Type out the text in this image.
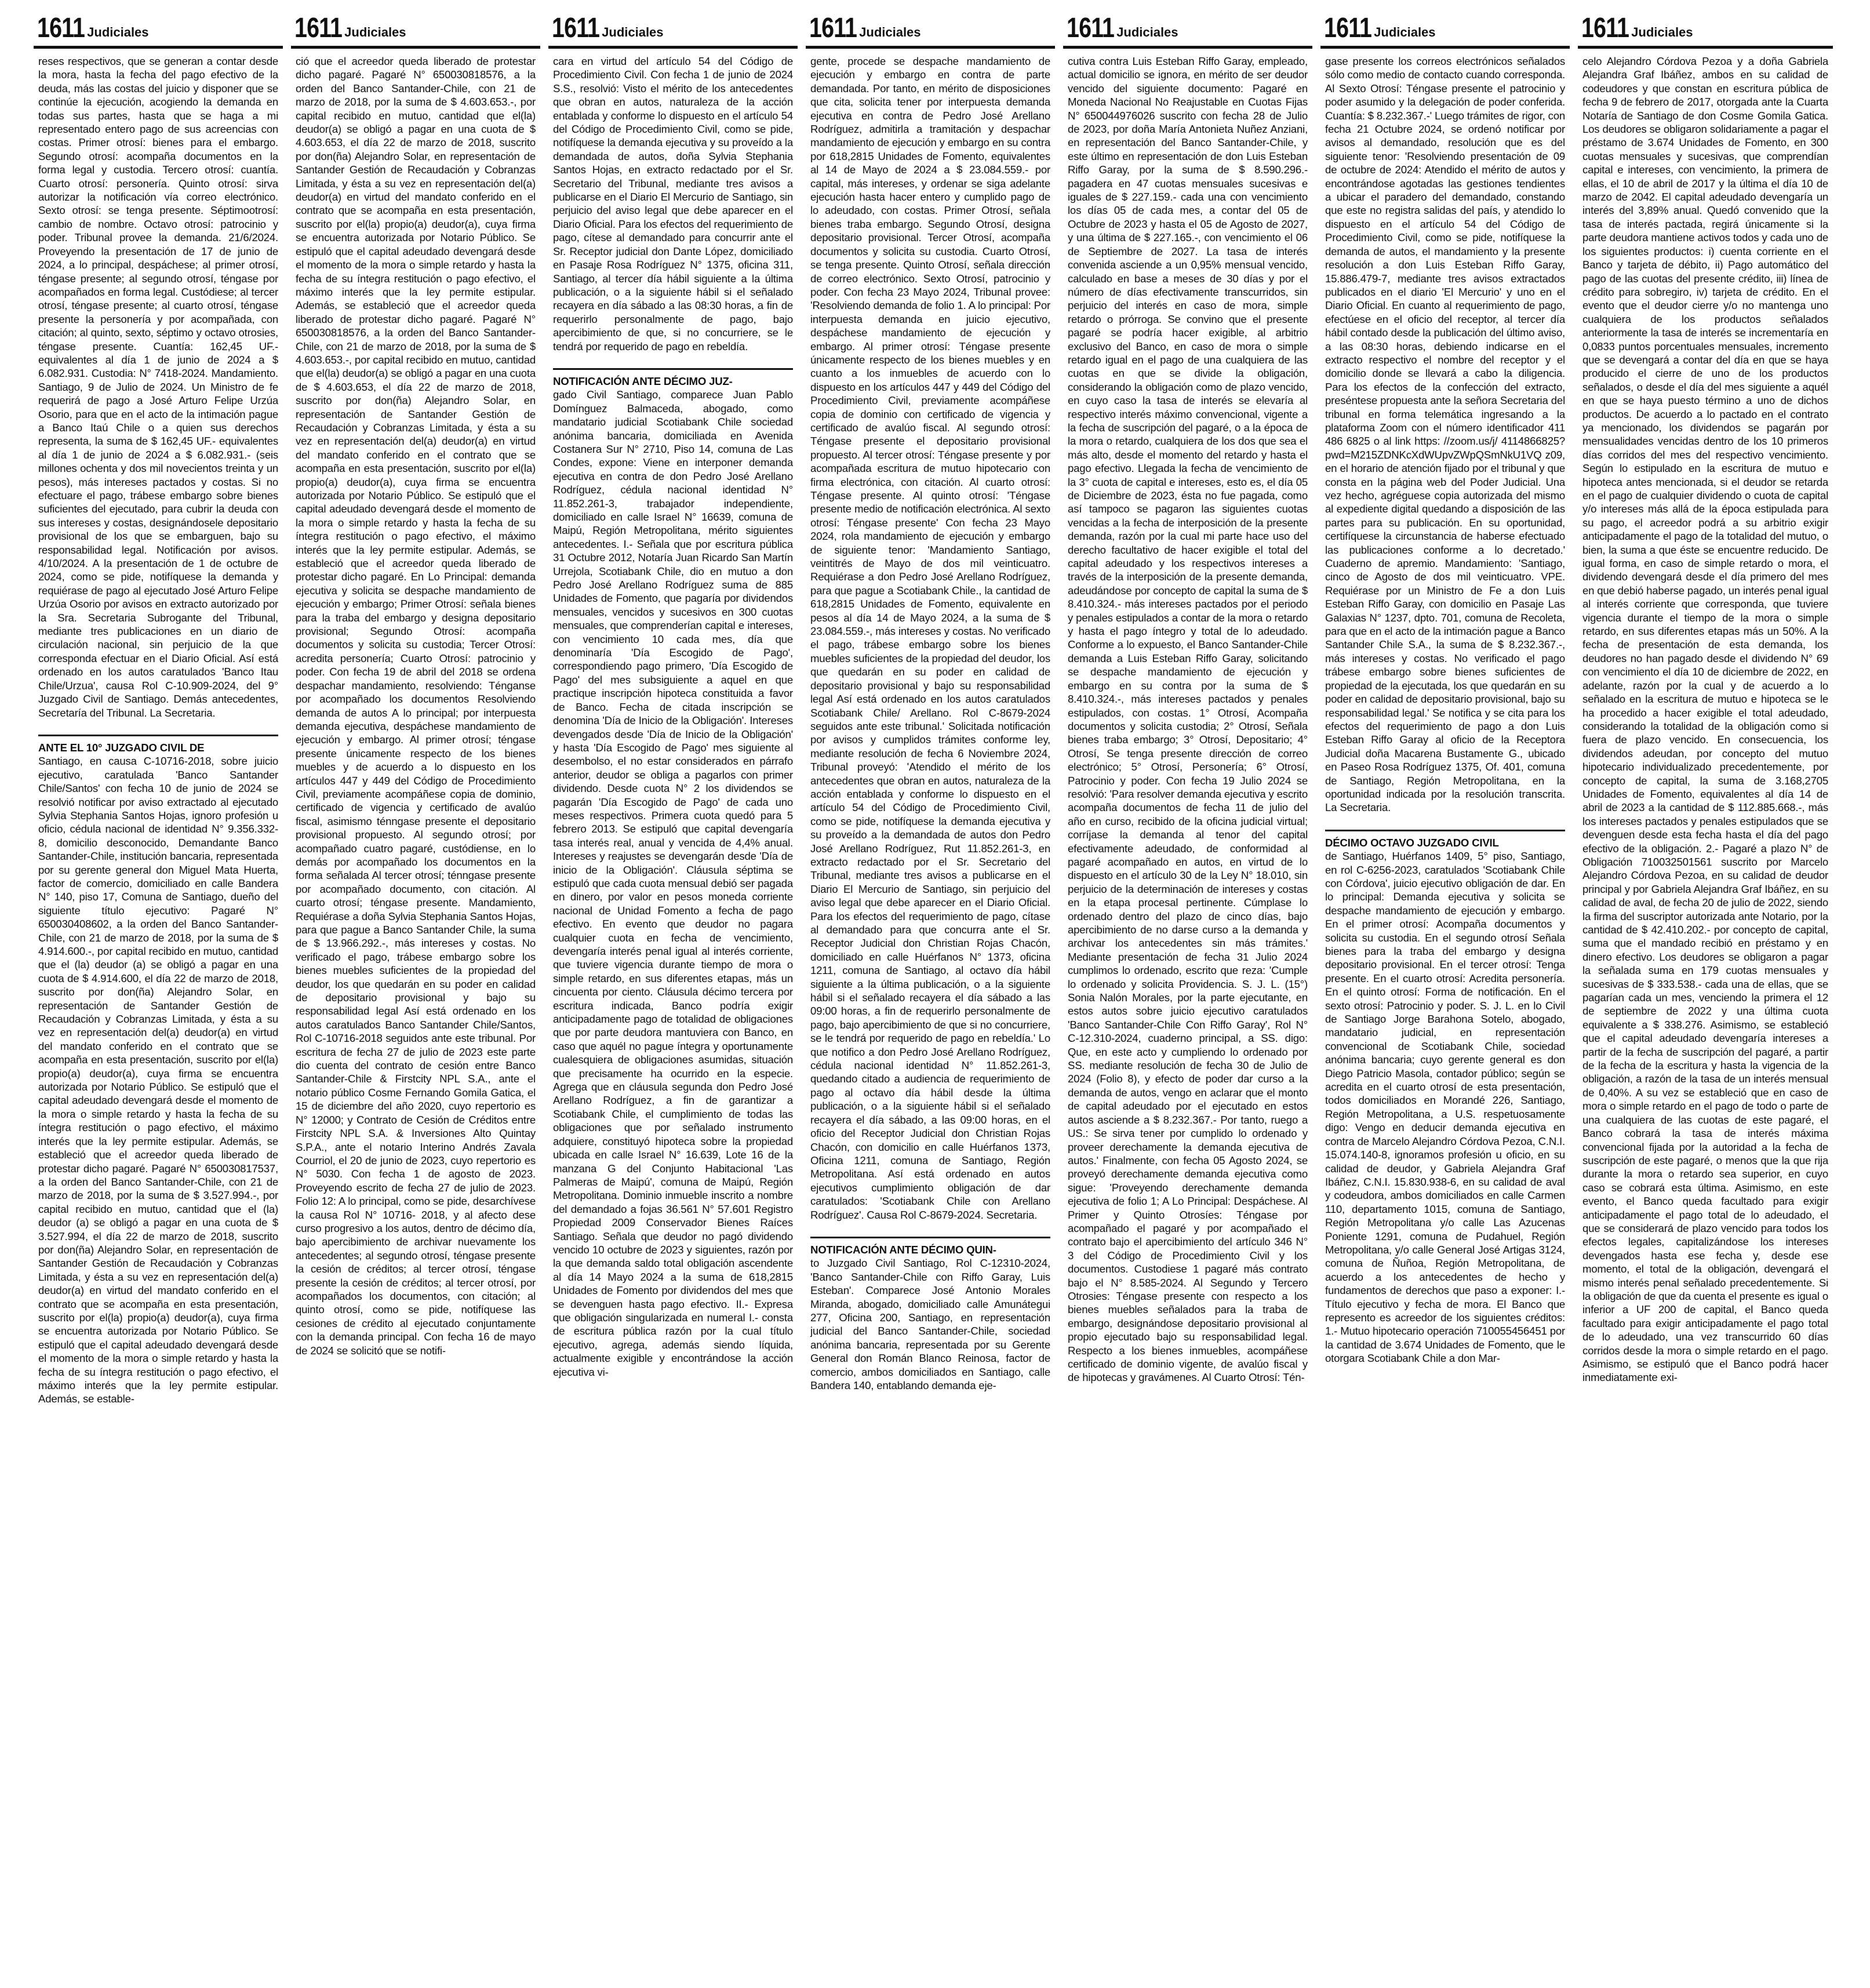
1611 Judiciales

reses respectivos, que se generan a contar desde la mora, hasta la fecha del pago efectivo de la deuda, más las costas del juicio y disponer que se continúe la ejecución, acogiendo la demanda en todas sus partes, hasta que se haga a mi representado entero pago de sus acreencias con costas. Primer otrosí: bienes para el embargo. Segundo otrosí: acompaña documentos en la forma legal y custodia. Tercero otrosí: cuantía. Cuarto otrosí: personería. Quinto otrosí: sirva autorizar la notificación vía correo electrónico. Sexto otrosí: se tenga presente. Séptimootrosí: cambio de nombre. Octavo otrosí: patrocinio y poder. Tribunal provee la demanda. 21/6/2024. Proveyendo la presentación de 17 de junio de 2024, a lo principal, despáchese; al primer otrosí, téngase presente; al segundo otrosí, téngase por acompañados en forma legal. Custódiese; al tercer otrosí, téngase presente; al cuarto otrosí, téngase presente la personería y por acompañada, con citación; al quinto, sexto, séptimo y octavo otrosies, téngase presente. Cuantía: 162,45 UF.- equivalentes al día 1 de junio de 2024 a $ 6.082.931. Custodia: N° 7418-2024. Mandamiento. Santiago, 9 de Julio de 2024. Un Ministro de fe requerirá de pago a José Arturo Felipe Urzúa Osorio, para que en el acto de la intimación pague a Banco Itaú Chile o a quien sus derechos representa, la suma de $ 162,45 UF.- equivalentes al día 1 de junio de 2024 a $ 6.082.931.- (seis millones ochenta y dos mil novecientos treinta y un pesos), más intereses pactados y costas. Si no efectuare el pago, trábese embargo sobre bienes suficientes del ejecutado, para cubrir la deuda con sus intereses y costas, designándosele depositario provisional de los que se embarguen, bajo su responsabilidad legal. Notificación por avisos. 4/10/2024. A la presentación de 1 de octubre de 2024, como se pide, notifíquese la demanda y requiérase de pago al ejecutado José Arturo Felipe Urzúa Osorio por avisos en extracto autorizado por la Sra. Secretaria Subrogante del Tribunal, mediante tres publicaciones en un diario de circulación nacional, sin perjuicio de la que corresponda efectuar en el Diario Oficial. Así está ordenado en los autos caratulados 'Banco Itau Chile/Urzua', causa Rol C-10.909-2024, del 9° Juzgado Civil de Santiago. Demás antecedentes, Secretaría del Tribunal. La Secretaria.

ANTE EL 10° JUZGADO CIVIL DE

Santiago, en causa C-10716-2018, sobre juicio ejecutivo, caratulada 'Banco Santander Chile/Santos' con fecha 10 de junio de 2024 se resolvió notificar por aviso extractado al ejecutado Sylvia Stephania Santos Hojas, ignoro profesión u oficio, cédula nacional de identidad N° 9.356.332-8, domicilio desconocido, Demandante Banco Santander-Chile, institución bancaria, representada por su gerente general don Miguel Mata Huerta, factor de comercio, domiciliado en calle Bandera N° 140, piso 17, Comuna de Santiago, dueño del siguiente título ejecutivo: Pagaré N° 650030408602, a la orden del Banco Santander-Chile, con 21 de marzo de 2018, por la suma de $ 4.914.600.-, por capital recibido en mutuo, cantidad que el (la) deudor (a) se obligó a pagar en una cuota de $ 4.914.600, el día 22 de marzo de 2018, suscrito por don(ña) Alejandro Solar, en representación de Santander Gestión de Recaudación y Cobranzas Limitada, y ésta a su vez en representación del(a) deudor(a) en virtud del mandato conferido en el contrato que se acompaña en esta presentación, suscrito por el(la) propio(a) deudor(a), cuya firma se encuentra autorizada por Notario Público. Se estipuló que el capital adeudado devengará desde el momento de la mora o simple retardo y hasta la fecha de su íntegra restitución o pago efectivo, el máximo interés que la ley permite estipular. Además, se estableció que el acreedor queda liberado de protestar dicho pagaré. Pagaré N° 650030817537, a la orden del Banco Santander-Chile, con 21 de marzo de 2018, por la suma de $ 3.527.994.-, por capital recibido en mutuo, cantidad que el (la) deudor (a) se obligó a pagar en una cuota de $ 3.527.994, el día 22 de marzo de 2018, suscrito por don(ña) Alejandro Solar, en representación de Santander Gestión de Recaudación y Cobranzas Limitada, y ésta a su vez en representación del(a) deudor(a) en virtud del mandato conferido en el contrato que se acompaña en esta presentación, suscrito por el(la) propio(a) deudor(a), cuya firma se encuentra autorizada por Notario Público. Se estipuló que el capital adeudado devengará desde el momento de la mora o simple retardo y hasta la fecha de su íntegra restitución o pago efectivo, el máximo interés que la ley permite estipular. Además, se estable-

1611 Judiciales

ció que el acreedor queda liberado de protestar dicho pagaré. Pagaré N° 650030818576, a la orden del Banco Santander-Chile, con 21 de marzo de 2018, por la suma de $ 4.603.653.-, por capital recibido en mutuo, cantidad que el(la) deudor(a) se obligó a pagar en una cuota de $ 4.603.653, el día 22 de marzo de 2018, suscrito por don(ña) Alejandro Solar, en representación de Santander Gestión de Recaudación y Cobranzas Limitada, y ésta a su vez en representación del(a) deudor(a) en virtud del mandato conferido en el contrato que se acompaña en esta presentación, suscrito por el(la) propio(a) deudor(a), cuya firma se encuentra autorizada por Notario Público. Se estipuló que el capital adeudado devengará desde el momento de la mora o simple retardo y hasta la fecha de su íntegra restitución o pago efectivo, el máximo interés que la ley permite estipular. Además, se estableció que el acreedor queda liberado de protestar dicho pagaré. Pagaré N° 650030818576, a la orden del Banco Santander-Chile, con 21 de marzo de 2018, por la suma de $ 4.603.653.-, por capital recibido en mutuo, cantidad que el(la) deudor(a) se obligó a pagar en una cuota de $ 4.603.653, el día 22 de marzo de 2018, suscrito por don(ña) Alejandro Solar, en representación de Santander Gestión de Recaudación y Cobranzas Limitada, y ésta a su vez en representación del(a) deudor(a) en virtud del mandato conferido en el contrato que se acompaña en esta presentación, suscrito por el(la) propio(a) deudor(a), cuya firma se encuentra autorizada por Notario Público. Se estipuló que el capital adeudado devengará desde el momento de la mora o simple retardo y hasta la fecha de su íntegra restitución o pago efectivo, el máximo interés que la ley permite estipular. Además, se estableció que el acreedor queda liberado de protestar dicho pagaré. En Lo Principal: demanda ejecutiva y solicita se despache mandamiento de ejecución y embargo; Primer Otrosí: señala bienes para la traba del embargo y designa depositario provisional; Segundo Otrosí: acompaña documentos y solicita su custodia; Tercer Otrosí: acredita personería; Cuarto Otrosí: patrocinio y poder. Con fecha 19 de abril del 2018 se ordena despachar mandamiento, resolviendo: Ténganse por acompañado los documentos Resolviendo demanda de autos A lo principal; por interpuesta demanda ejecutiva, despáchese mandamiento de ejecución y embargo. Al primer otrosí; téngase presente únicamente respecto de los bienes muebles y de acuerdo a lo dispuesto en los artículos 447 y 449 del Código de Procedimiento Civil, previamente acompáñese copia de dominio, certificado de vigencia y certificado de avalúo fiscal, asimismo ténngase presente el depositario provisional propuesto. Al segundo otrosí; por acompañado cuatro pagaré, custódiense, en lo demás por acompañado los documentos en la forma señalada Al tercer otrosí; ténngase presente por acompañado documento, con citación. Al cuarto otrosí; téngase presente. Mandamiento, Requiérase a doña Sylvia Stephania Santos Hojas, para que pague a Banco Santander Chile, la suma de $ 13.966.292.-, más intereses y costas. No verificado el pago, trábese embargo sobre los bienes muebles suficientes de la propiedad del deudor, los que quedarán en su poder en calidad de depositario provisional y bajo su responsabilidad legal Así está ordenado en los autos caratulados Banco Santander Chile/Santos, Rol C-10716-2018 seguidos ante este tribunal. Por escritura de fecha 27 de julio de 2023 este parte dio cuenta del contrato de cesión entre Banco Santander-Chile & Firstcity NPL S.A., ante el notario público Cosme Fernando Gomila Gatica, el 15 de diciembre del año 2020, cuyo repertorio es N° 12000; y Contrato de Cesión de Créditos entre Firstcity NPL S.A. & Inversiones Alto Quintay S.P.A., ante el notario Interino Andrés Zavala Courriol, el 20 de junio de 2023, cuyo repertorio es N° 5030. Con fecha 1 de agosto de 2023. Proveyendo escrito de fecha 27 de julio de 2023. Folio 12: A lo principal, como se pide, desarchívese la causa Rol N° 10716- 2018, y al afecto dese curso progresivo a los autos, dentro de décimo día, bajo apercibimiento de archivar nuevamente los antecedentes; al segundo otrosí, téngase presente la cesión de créditos; al tercer otrosí, téngase presente la cesión de créditos; al tercer otrosí, por acompañados los documentos, con citación; al quinto otrosí, como se pide, notifíquese las cesiones de crédito al ejecutado conjuntamente con la demanda principal. Con fecha 16 de mayo de 2024 se solicitó que se notifi-

1611 Judiciales

cara en virtud del artículo 54 del Código de Procedimiento Civil. Con fecha 1 de junio de 2024 S.S., resolvió: Visto el mérito de los antecedentes que obran en autos, naturaleza de la acción entablada y conforme lo dispuesto en el artículo 54 del Código de Procedimiento Civil, como se pide, notifíquese la demanda ejecutiva y su proveído a la demandada de autos, doña Sylvia Stephania Santos Hojas, en extracto redactado por el Sr. Secretario del Tribunal, mediante tres avisos a publicarse en el Diario El Mercurio de Santiago, sin perjuicio del aviso legal que debe aparecer en el Diario Oficial. Para los efectos del requerimiento de pago, cítese al demandado para concurrir ante el Sr. Receptor judicial don Dante López, domiciliado en Pasaje Rosa Rodríguez N° 1375, oficina 311, Santiago, al tercer día hábil siguiente a la última publicación, o a la siguiente hábil si el señalado recayera en día sábado a las 08:30 horas, a fin de requerirlo personalmente de pago, bajo apercibimiento de que, si no concurriere, se le tendrá por requerido de pago en rebeldía.

NOTIFICACIÓN ANTE DÉCIMO JUZ-

gado Civil Santiago, comparece Juan Pablo Domínguez Balmaceda, abogado, como mandatario judicial Scotiabank Chile sociedad anónima bancaria, domiciliada en Avenida Costanera Sur N° 2710, Piso 14, comuna de Las Condes, expone: Viene en interponer demanda ejecutiva en contra de don Pedro José Arellano Rodríguez, cédula nacional identidad N° 11.852.261-3, trabajador independiente, domiciliado en calle Israel N° 16639, comuna de Maipú, Región Metropolitana, mérito siguientes antecedentes. I.- Señala que por escritura pública 31 Octubre 2012, Notaría Juan Ricardo San Martín Urrejola, Scotiabank Chile, dio en mutuo a don Pedro José Arellano Rodríguez suma de 885 Unidades de Fomento, que pagaría por dividendos mensuales, vencidos y sucesivos en 300 cuotas mensuales, que comprenderían capital e intereses, con vencimiento 10 cada mes, día que denominaría 'Día Escogido de Pago', correspondiendo pago primero, 'Día Escogido de Pago' del mes subsiguiente a aquel en que practique inscripción hipoteca constituida a favor de Banco. Fecha de citada inscripción se denomina 'Día de Inicio de la Obligación'. Intereses devengados desde 'Día de Inicio de la Obligación' y hasta 'Día Escogido de Pago' mes siguiente al desembolso, el no estar considerados en párrafo anterior, deudor se obliga a pagarlos con primer dividendo. Desde cuota N° 2 los dividendos se pagarán 'Día Escogido de Pago' de cada uno meses respectivos. Primera cuota quedó para 5 febrero 2013. Se estipuló que capital devengaría tasa interés real, anual y vencida de 4,4% anual. Intereses y reajustes se devengarán desde 'Día de inicio de la Obligación'. Cláusula séptima se estipuló que cada cuota mensual debió ser pagada en dinero, por valor en pesos moneda corriente nacional de Unidad Fomento a fecha de pago efectivo. En evento que deudor no pagara cualquier cuota en fecha de vencimiento, devengaría interés penal igual al interés corriente, que tuviere vigencia durante tiempo de mora o simple retardo, en sus diferentes etapas, más un cincuenta por ciento. Cláusula décimo tercera por escritura indicada, Banco podría exigir anticipadamente pago de totalidad de obligaciones que por parte deudora mantuviera con Banco, en caso que aquél no pague íntegra y oportunamente cualesquiera de obligaciones asumidas, situación que precisamente ha ocurrido en la especie. Agrega que en cláusula segunda don Pedro José Arellano Rodríguez, a fin de garantizar a Scotiabank Chile, el cumplimiento de todas las obligaciones que por señalado instrumento adquiere, constituyó hipoteca sobre la propiedad ubicada en calle Israel N° 16.639, Lote 16 de la manzana G del Conjunto Habitacional 'Las Palmeras de Maipú', comuna de Maipú, Región Metropolitana. Dominio inmueble inscrito a nombre del demandado a fojas 36.561 N° 57.601 Registro Propiedad 2009 Conservador Bienes Raíces Santiago. Señala que deudor no pagó dividendo vencido 10 octubre de 2023 y siguientes, razón por la que demanda saldo total obligación ascendente al día 14 Mayo 2024 a la suma de 618,2815 Unidades de Fomento por dividendos del mes que se devenguen hasta pago efectivo. II.- Expresa que obligación singularizada en numeral I.- consta de escritura pública razón por la cual título ejecutivo, agrega, además siendo líquida, actualmente exigible y encontrándose la acción ejecutiva vi-

1611 Judiciales

gente, procede se despache mandamiento de ejecución y embargo en contra de parte demandada. Por tanto, en mérito de disposiciones que cita, solicita tener por interpuesta demanda ejecutiva en contra de Pedro José Arellano Rodríguez, admitirla a tramitación y despachar mandamiento de ejecución y embargo en su contra por 618,2815 Unidades de Fomento, equivalentes al 14 de Mayo de 2024 a $ 23.084.559.- por capital, más intereses, y ordenar se siga adelante ejecución hasta hacer entero y cumplido pago de lo adeudado, con costas. Primer Otrosí, señala bienes traba embargo. Segundo Otrosí, designa depositario provisional. Tercer Otrosí, acompaña documentos y solicita su custodia. Cuarto Otrosí, se tenga presente. Quinto Otrosí, señala dirección de correo electrónico. Sexto Otrosí, patrocinio y poder. Con fecha 23 Mayo 2024, Tribunal provee: 'Resolviendo demanda de folio 1. A lo principal: Por interpuesta demanda en juicio ejecutivo, despáchese mandamiento de ejecución y embargo. Al primer otrosí: Téngase presente únicamente respecto de los bienes muebles y en cuanto a los inmuebles de acuerdo con lo dispuesto en los artículos 447 y 449 del Código del Procedimiento Civil, previamente acompáñese copia de dominio con certificado de vigencia y certificado de avalúo fiscal. Al segundo otrosí: Téngase presente el depositario provisional propuesto. Al tercer otrosí: Téngase presente y por acompañada escritura de mutuo hipotecario con firma electrónica, con citación. Al cuarto otrosí: Téngase presente. Al quinto otrosí: 'Téngase presente medio de notificación electrónica. Al sexto otrosí: Téngase presente' Con fecha 23 Mayo 2024, rola mandamiento de ejecución y embargo de siguiente tenor: 'Mandamiento Santiago, veintitrés de Mayo de dos mil veinticuatro. Requiérase a don Pedro José Arellano Rodríguez, para que pague a Scotiabank Chile., la cantidad de 618,2815 Unidades de Fomento, equivalente en pesos al día 14 de Mayo 2024, a la suma de $ 23.084.559.-, más intereses y costas. No verificado el pago, trábese embargo sobre los bienes muebles suficientes de la propiedad del deudor, los que quedarán en su poder en calidad de depositario provisional y bajo su responsabilidad legal Así está ordenado en los autos caratulados Scotiabank Chile/ Arellano. Rol C-8679-2024 seguidos ante este tribunal.' Solicitada notificación por avisos y cumplidos trámites conforme ley, mediante resolución de fecha 6 Noviembre 2024, Tribunal proveyó: 'Atendido el mérito de los antecedentes que obran en autos, naturaleza de la acción entablada y conforme lo dispuesto en el artículo 54 del Código de Procedimiento Civil, como se pide, notifíquese la demanda ejecutiva y su proveído a la demandada de autos don Pedro José Arellano Rodríguez, Rut 11.852.261-3, en extracto redactado por el Sr. Secretario del Tribunal, mediante tres avisos a publicarse en el Diario El Mercurio de Santiago, sin perjuicio del aviso legal que debe aparecer en el Diario Oficial. Para los efectos del requerimiento de pago, cítase al demandado para que concurra ante el Sr. Receptor Judicial don Christian Rojas Chacón, domiciliado en calle Huérfanos N° 1373, oficina 1211, comuna de Santiago, al octavo día hábil siguiente a la última publicación, o a la siguiente hábil si el señalado recayera el día sábado a las 09:00 horas, a fin de requerirlo personalmente de pago, bajo apercibimiento de que si no concurriere, se le tendrá por requerido de pago en rebeldía.' Lo que notifico a don Pedro José Arellano Rodríguez, cédula nacional identidad N° 11.852.261-3, quedando citado a audiencia de requerimiento de pago al octavo día hábil desde la última publicación, o a la siguiente hábil si el señalado recayera el día sábado, a las 09:00 horas, en el oficio del Receptor Judicial don Christian Rojas Chacón, con domicilio en calle Huérfanos 1373, Oficina 1211, comuna de Santiago, Región Metropolitana. Así está ordenado en autos ejecutivos cumplimiento obligación de dar caratulados: 'Scotiabank Chile con Arellano Rodríguez'. Causa Rol C-8679-2024. Secretaria.

NOTIFICACIÓN ANTE DÉCIMO QUIN-

to Juzgado Civil Santiago, Rol C-12310-2024, 'Banco Santander-Chile con Riffo Garay, Luis Esteban'. Comparece José Antonio Morales Miranda, abogado, domiciliado calle Amunátegui 277, Oficina 200, Santiago, en representación judicial del Banco Santander-Chile, sociedad anónima bancaria, representada por su Gerente General don Román Blanco Reinosa, factor de comercio, ambos domiciliados en Santiago, calle Bandera 140, entablando demanda eje-

1611 Judiciales

cutiva contra Luis Esteban Riffo Garay, empleado, actual domicilio se ignora, en mérito de ser deudor vencido del siguiente documento: Pagaré en Moneda Nacional No Reajustable en Cuotas Fijas N° 650044976026 suscrito con fecha 28 de Julio de 2023, por doña María Antonieta Nuñez Anziani, en representación del Banco Santander-Chile, y este último en representación de don Luis Esteban Riffo Garay, por la suma de $ 8.590.296.- pagadera en 47 cuotas mensuales sucesivas e iguales de $ 227.159.- cada una con vencimiento los días 05 de cada mes, a contar del 05 de Octubre de 2023 y hasta el 05 de Agosto de 2027, y una última de $ 227.165.-, con vencimiento el 06 de Septiembre de 2027. La tasa de interés convenida asciende a un 0,95% mensual vencido, calculado en base a meses de 30 días y por el número de días efectivamente transcurridos, sin perjuicio del interés en caso de mora, simple retardo o prórroga. Se convino que el presente pagaré se podría hacer exigible, al arbitrio exclusivo del Banco, en caso de mora o simple retardo igual en el pago de una cualquiera de las cuotas en que se divide la obligación, considerando la obligación como de plazo vencido, en cuyo caso la tasa de interés se elevaría al respectivo interés máximo convencional, vigente a la fecha de suscripción del pagaré, o a la época de la mora o retardo, cualquiera de los dos que sea el más alto, desde el momento del retardo y hasta el pago efectivo. Llegada la fecha de vencimiento de la 3° cuota de capital e intereses, esto es, el día 05 de Diciembre de 2023, ésta no fue pagada, como así tampoco se pagaron las siguientes cuotas vencidas a la fecha de interposición de la presente demanda, razón por la cual mi parte hace uso del derecho facultativo de hacer exigible el total del capital adeudado y los respectivos intereses a través de la interposición de la presente demanda, adeudándose por concepto de capital la suma de $ 8.410.324.- más intereses pactados por el periodo y penales estipulados a contar de la mora o retardo y hasta el pago íntegro y total de lo adeudado. Conforme a lo expuesto, el Banco Santander-Chile demanda a Luis Esteban Riffo Garay, solicitando se despache mandamiento de ejecución y embargo en su contra por la suma de $ 8.410.324.-, más intereses pactados y penales estipulados, con costas. 1° Otrosí, Acompaña documentos y solicita custodia; 2° Otrosí, Señala bienes traba embargo; 3° Otrosí, Depositario; 4° Otrosí, Se tenga presente dirección de correo electrónico; 5° Otrosí, Personería; 6° Otrosí, Patrocinio y poder. Con fecha 19 Julio 2024 se resolvió: 'Para resolver demanda ejecutiva y escrito acompaña documentos de fecha 11 de julio del año en curso, recibido de la oficina judicial virtual; corríjase la demanda al tenor del capital efectivamente adeudado, de conformidad al pagaré acompañado en autos, en virtud de lo dispuesto en el artículo 30 de la Ley N° 18.010, sin perjuicio de la determinación de intereses y costas en la etapa procesal pertinente. Cúmplase lo ordenado dentro del plazo de cinco días, bajo apercibimiento de no darse curso a la demanda y archivar los antecedentes sin más trámites.' Mediante presentación de fecha 31 Julio 2024 cumplimos lo ordenado, escrito que reza: 'Cumple lo ordenado y solicita Providencia. S. J. L. (15°) Sonia Nalón Morales, por la parte ejecutante, en estos autos sobre juicio ejecutivo caratulados 'Banco Santander-Chile Con Riffo Garay', Rol N° C-12.310-2024, cuaderno principal, a SS. digo: Que, en este acto y cumpliendo lo ordenado por SS. mediante resolución de fecha 30 de Julio de 2024 (Folio 8), y efecto de poder dar curso a la demanda de autos, vengo en aclarar que el monto de capital adeudado por el ejecutado en estos autos asciende a $ 8.232.367.- Por tanto, ruego a US.: Se sirva tener por cumplido lo ordenado y proveer derechamente la demanda ejecutiva de autos.' Finalmente, con fecha 05 Agosto 2024, se proveyó derechamente demanda ejecutiva como sigue: 'Proveyendo derechamente demanda ejecutiva de folio 1; A Lo Principal: Despáchese. Al Primer y Quinto Otrosíes: Téngase por acompañado el pagaré y por acompañado el contrato bajo el apercibimiento del artículo 346 N° 3 del Código de Procedimiento Civil y los documentos. Custodiese 1 pagaré más contrato bajo el N° 8.585-2024. Al Segundo y Tercero Otrosies: Téngase presente con respecto a los bienes muebles señalados para la traba de embargo, designándose depositario provisional al propio ejecutado bajo su responsabilidad legal. Respecto a los bienes inmuebles, acompáñese certificado de dominio vigente, de avalúo fiscal y de hipotecas y gravámenes. Al Cuarto Otrosí: Tén-

1611 Judiciales

gase presente los correos electrónicos señalados sólo como medio de contacto cuando corresponda. Al Sexto Otrosí: Téngase presente el patrocinio y poder asumido y la delegación de poder conferida. Cuantía: $ 8.232.367.-' Luego trámites de rigor, con fecha 21 Octubre 2024, se ordenó notificar por avisos al demandado, resolución que es del siguiente tenor: 'Resolviendo presentación de 09 de octubre de 2024: Atendido el mérito de autos y encontrándose agotadas las gestiones tendientes a ubicar el paradero del demandado, constando que este no registra salidas del país, y atendido lo dispuesto en el artículo 54 del Código de Procedimiento Civil, como se pide, notifíquese la demanda de autos, el mandamiento y la presente resolución a don Luis Esteban Riffo Garay, 15.886.479-7, mediante tres avisos extractados publicados en el diario 'El Mercurio' y uno en el Diario Oficial. En cuanto al requerimiento de pago, efectúese en el oficio del receptor, al tercer día hábil contado desde la publicación del último aviso, a las 08:30 horas, debiendo indicarse en el extracto respectivo el nombre del receptor y el domicilio donde se llevará a cabo la diligencia. Para los efectos de la confección del extracto, preséntese propuesta ante la señora Secretaria del tribunal en forma telemática ingresando a la plataforma Zoom con el número identificador 411 486 6825 o al link https: //zoom.us/j/ 4114866825?pwd=M215ZDNKcXdWUpvZWpQSmNkU1VQ z09, en el horario de atención fijado por el tribunal y que consta en la página web del Poder Judicial. Una vez hecho, agréguese copia autorizada del mismo al expediente digital quedando a disposición de las partes para su publicación. En su oportunidad, certifíquese la circunstancia de haberse efectuado las publicaciones conforme a lo decretado.' Cuaderno de apremio. Mandamiento: 'Santiago, cinco de Agosto de dos mil veinticuatro. VPE. Requiérase por un Ministro de Fe a don Luis Esteban Riffo Garay, con domicilio en Pasaje Las Galaxias N° 1237, dpto. 701, comuna de Recoleta, para que en el acto de la intimación pague a Banco Santander Chile S.A., la suma de $ 8.232.367.-, más intereses y costas. No verificado el pago trábese embargo sobre bienes suficientes de propiedad de la ejecutada, los que quedarán en su poder en calidad de depositario provisional, bajo su responsabilidad legal.' Se notifica y se cita para los efectos del requerimiento de pago a don Luis Esteban Riffo Garay al oficio de la Receptora Judicial doña Macarena Bustamente G., ubicado en Paseo Rosa Rodríguez 1375, Of. 401, comuna de Santiago, Región Metropolitana, en la oportunidad indicada por la resolución transcrita. La Secretaria.

DÉCIMO OCTAVO JUZGADO CIVIL

de Santiago, Huérfanos 1409, 5° piso, Santiago, en rol C-6256-2023, caratulados 'Scotiabank Chile con Córdova', juicio ejecutivo obligación de dar. En lo principal: Demanda ejecutiva y solicita se despache mandamiento de ejecución y embargo. En el primer otrosí: Acompaña documentos y solicita su custodia. En el segundo otrosí Señala bienes para la traba del embargo y designa depositario provisional. En el tercer otrosí: Tenga presente. En el cuarto otrosí: Acredita personería. En el quinto otrosí: Forma de notificación. En el sexto otrosí: Patrocinio y poder. S. J. L. en lo Civil de Santiago Jorge Barahona Sotelo, abogado, mandatario judicial, en representación convencional de Scotiabank Chile, sociedad anónima bancaria; cuyo gerente general es don Diego Patricio Masola, contador público; según se acredita en el cuarto otrosí de esta presentación, todos domiciliados en Morandé 226, Santiago, Región Metropolitana, a U.S. respetuosamente digo: Vengo en deducir demanda ejecutiva en contra de Marcelo Alejandro Córdova Pezoa, C.N.I. 15.074.140-8, ignoramos profesión u oficio, en su calidad de deudor, y Gabriela Alejandra Graf Ibáñez, C.N.I. 15.830.938-6, en su calidad de aval y codeudora, ambos domiciliados en calle Carmen 110, departamento 1015, comuna de Santiago, Región Metropolitana y/o calle Las Azucenas Poniente 1291, comuna de Pudahuel, Región Metropolitana, y/o calle General José Artigas 3124, comuna de Ñuñoa, Región Metropolitana, de acuerdo a los antecedentes de hecho y fundamentos de derechos que paso a exponer: I.- Título ejecutivo y fecha de mora. El Banco que represento es acreedor de los siguientes créditos: 1.- Mutuo hipotecario operación 710055456451 por la cantidad de 3.674 Unidades de Fomento, que le otorgara Scotiabank Chile a don Mar-

1611 Judiciales

celo Alejandro Córdova Pezoa y a doña Gabriela Alejandra Graf Ibáñez, ambos en su calidad de codeudores y que constan en escritura pública de fecha 9 de febrero de 2017, otorgada ante la Cuarta Notaría de Santiago de don Cosme Gomila Gatica. Los deudores se obligaron solidariamente a pagar el préstamo de 3.674 Unidades de Fomento, en 300 cuotas mensuales y sucesivas, que comprendían capital e intereses, con vencimiento, la primera de ellas, el 10 de abril de 2017 y la última el día 10 de marzo de 2042. El capital adeudado devengaría un interés del 3,89% anual. Quedó convenido que la tasa de interés pactada, regirá únicamente si la parte deudora mantiene activos todos y cada uno de los siguientes productos: i) cuenta corriente en el Banco y tarjeta de débito, ii) Pago automático del pago de las cuotas del presente crédito, iii) línea de crédito para sobregiro, iv) tarjeta de crédito. En el evento que el deudor cierre y/o no mantenga uno cualquiera de los productos señalados anteriormente la tasa de interés se incrementaría en 0,0833 puntos porcentuales mensuales, incremento que se devengará a contar del día en que se haya producido el cierre de uno de los productos señalados, o desde el día del mes siguiente a aquél en que se haya puesto término a uno de dichos productos. De acuerdo a lo pactado en el contrato ya mencionado, los dividendos se pagarán por mensualidades vencidas dentro de los 10 primeros días corridos del mes del respectivo vencimiento. Según lo estipulado en la escritura de mutuo e hipoteca antes mencionada, si el deudor se retarda en el pago de cualquier dividendo o cuota de capital y/o intereses más allá de la época estipulada para su pago, el acreedor podrá a su arbitrio exigir anticipadamente el pago de la totalidad del mutuo, o bien, la suma a que éste se encuentre reducido. De igual forma, en caso de simple retardo o mora, el dividendo devengará desde el día primero del mes en que debió haberse pagado, un interés penal igual al interés corriente que corresponda, que tuviere vigencia durante el tiempo de la mora o simple retardo, en sus diferentes etapas más un 50%. A la fecha de presentación de esta demanda, los deudores no han pagado desde el dividendo N° 69 con vencimiento el día 10 de diciembre de 2022, en adelante, razón por la cual y de acuerdo a lo señalado en la escritura de mutuo e hipoteca se le ha procedido a hacer exigible el total adeudado, considerando la totalidad de la obligación como si fuera de plazo vencido. En consecuencia, los dividendos adeudan, por concepto del mutuo hipotecario individualizado precedentemente, por concepto de capital, la suma de 3.168,2705 Unidades de Fomento, equivalentes al día 14 de abril de 2023 a la cantidad de $ 112.885.668.-, más los intereses pactados y penales estipulados que se devenguen desde esta fecha hasta el día del pago efectivo de la obligación. 2.- Pagaré a plazo N° de Obligación 710032501561 suscrito por Marcelo Alejandro Córdova Pezoa, en su calidad de deudor principal y por Gabriela Alejandra Graf Ibáñez, en su calidad de aval, de fecha 20 de julio de 2022, siendo la firma del suscriptor autorizada ante Notario, por la cantidad de $ 42.410.202.- por concepto de capital, suma que el mandado recibió en préstamo y en dinero efectivo. Los deudores se obligaron a pagar la señalada suma en 179 cuotas mensuales y sucesivas de $ 333.538.- cada una de ellas, que se pagarían cada un mes, venciendo la primera el 12 de septiembre de 2022 y una última cuota equivalente a $ 338.276. Asimismo, se estableció que el capital adeudado devengaría intereses a partir de la fecha de suscripción del pagaré, a partir de la fecha de la escritura y hasta la vigencia de la obligación, a razón de la tasa de un interés mensual de 0,40%. A su vez se estableció que en caso de mora o simple retardo en el pago de todo o parte de una cualquiera de las cuotas de este pagaré, el Banco cobrará la tasa de interés máxima convencional fijada por la autoridad a la fecha de suscripción de este pagaré, o menos que la que rija durante la mora o retardo sea superior, en cuyo caso se cobrará esta última. Asimismo, en este evento, el Banco queda facultado para exigir anticipadamente el pago total de lo adeudado, el que se considerará de plazo vencido para todos los efectos legales, capitalizándose los intereses devengados hasta ese fecha y, desde ese momento, el total de la obligación, devengará el mismo interés penal señalado precedentemente. Si la obligación de que da cuenta el presente es igual o inferior a UF 200 de capital, el Banco queda facultado para exigir anticipadamente el pago total de lo adeudado, una vez transcurrido 60 días corridos desde la mora o simple retardo en el pago. Asimismo, se estipuló que el Banco podrá hacer inmediatamente exi-
